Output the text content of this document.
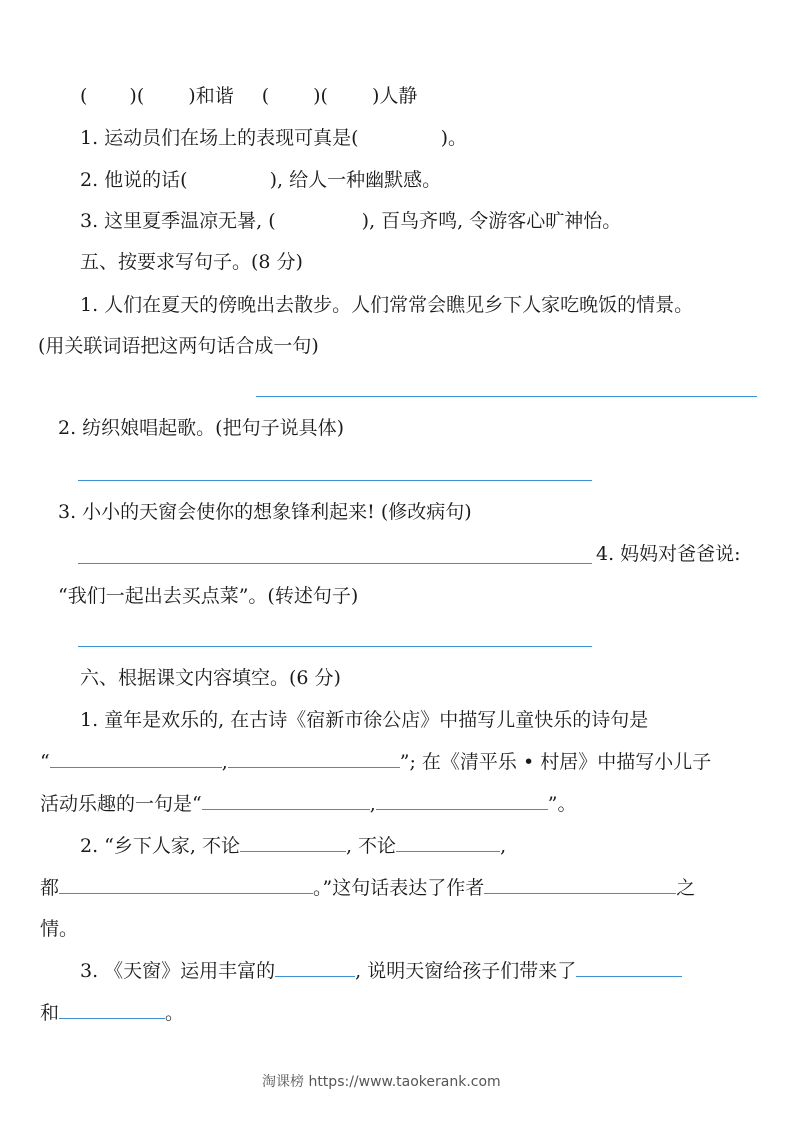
( )( )和谐 ( )( )人静
1. 运动员们在场上的表现可真是(	)。
2. 他说的话(	), 给人一种幽默感。
3. 这里夏季温凉无暑, (	), 百鸟齐鸣, 令游客心旷神怡。
五、按要求写句子。(8 分)
1. 人们在夏天的傍晚出去散步。人们常常会瞧见乡下人家吃晚饭的情景。
(用关联词语把这两句话合成一句)
2. 纺织娘唱起歌。(把句子说具体)
3. 小小的天窗会使你的想象锋利起来! (修改病句)
4. 妈妈对爸爸说:
“我们一起出去买点菜”。(转述句子)
六、根据课文内容填空。(6 分)
1. 童年是欢乐的, 在古诗《宿新市徐公店》中描写儿童快乐的诗句是
“	,	”; 在《清平乐 • 村居》中描写小儿子
活动乐趣的一句是“	,	”。
2. “乡下人家, 不论	, 不论	,
都	。”这句话表达了作者	之
情。
3. 《天窗》运用丰富的	, 说明天窗给孩子们带来了
和	。
淘课榜 https://www.taokerank.com
